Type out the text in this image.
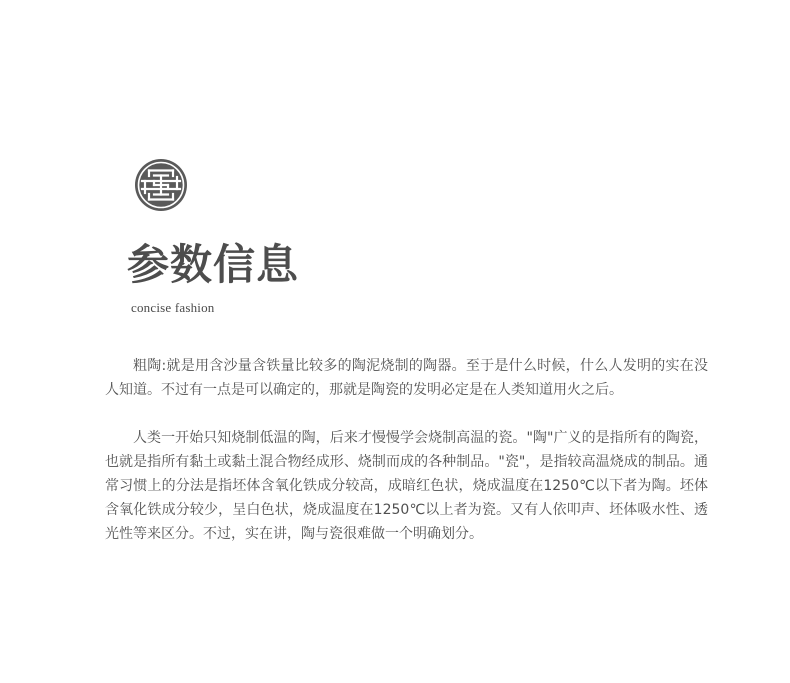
参数信息

concise fashion

粗陶:就是用含沙量含铁量比较多的陶泥烧制的陶器。至于是什么时候，什么人发明的实在没人知道。不过有一点是可以确定的，那就是陶瓷的发明必定是在人类知道用火之后。

人类一开始只知烧制低温的陶，后来才慢慢学会烧制高温的瓷。"陶"广义的是指所有的陶瓷， 也就是指所有黏土或黏土混合物经成形、烧制而成的各种制品。"瓷"，是指较高温烧成的制品。通常习惯上的分法是指坯体含氧化铁成分较高，成暗红色状，烧成温度在1250℃以下者为陶。坯体含氧化铁成分较少，呈白色状，烧成温度在1250℃以上者为瓷。又有人依叩声、坯体吸水性、透光性等来区分。不过，实在讲，陶与瓷很难做一个明确划分。
